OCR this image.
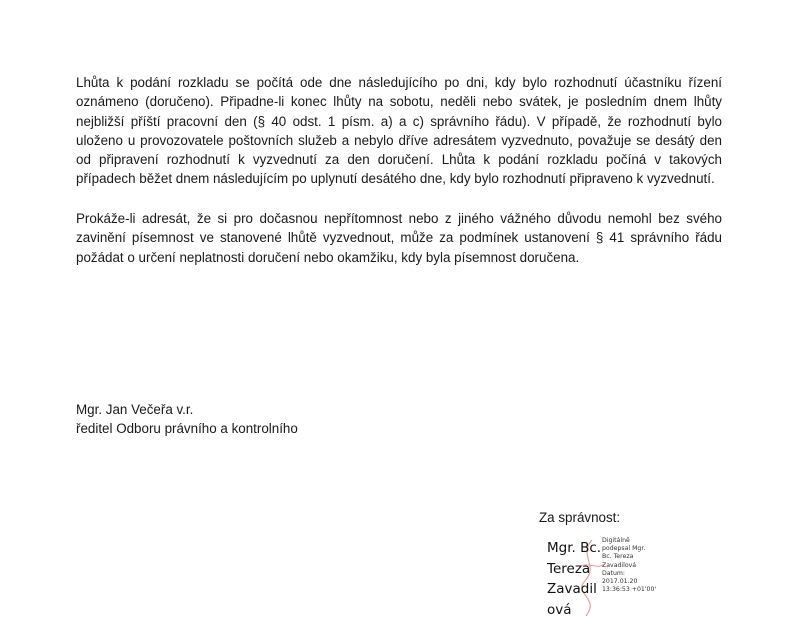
Lhůta k podání rozkladu se počítá ode dne následujícího po dni, kdy bylo rozhodnutí účastníku řízení oznámeno (doručeno). Připadne-li konec lhůty na sobotu, neděli nebo svátek, je posledním dnem lhůty nejbližší příští pracovní den (§ 40 odst. 1 písm. a) a c) správního řádu). V případě, že rozhodnutí bylo uloženo u provozovatele poštovních služeb a nebylo dříve adresátem vyzvednuto, považuje se desátý den od připravení rozhodnutí k vyzvednutí za den doručení. Lhůta k podání rozkladu počíná v takových případech běžet dnem následujícím po uplynutí desátého dne, kdy bylo rozhodnutí připraveno k vyzvednutí.

Prokáže-li adresát, že si pro dočasnou nepřítomnost nebo z jiného vážného důvodu nemohl bez svého zavinění písemnost ve stanovené lhůtě vyzvednout, může za podmínek ustanovení § 41 správního řádu požádat o určení neplatnosti doručení nebo okamžiku, kdy byla písemnost doručena.

Mgr. Jan Večeřa v.r.
ředitel Odboru právního a kontrolního
Za správnost:
Mgr. Bc.
Tereza
Zavadil
ová
Digitálně
podepsal Mgr.
Bc. Tereza
Zavadilová
Datum:
2017.01.20
13:36:53 +01'00'
